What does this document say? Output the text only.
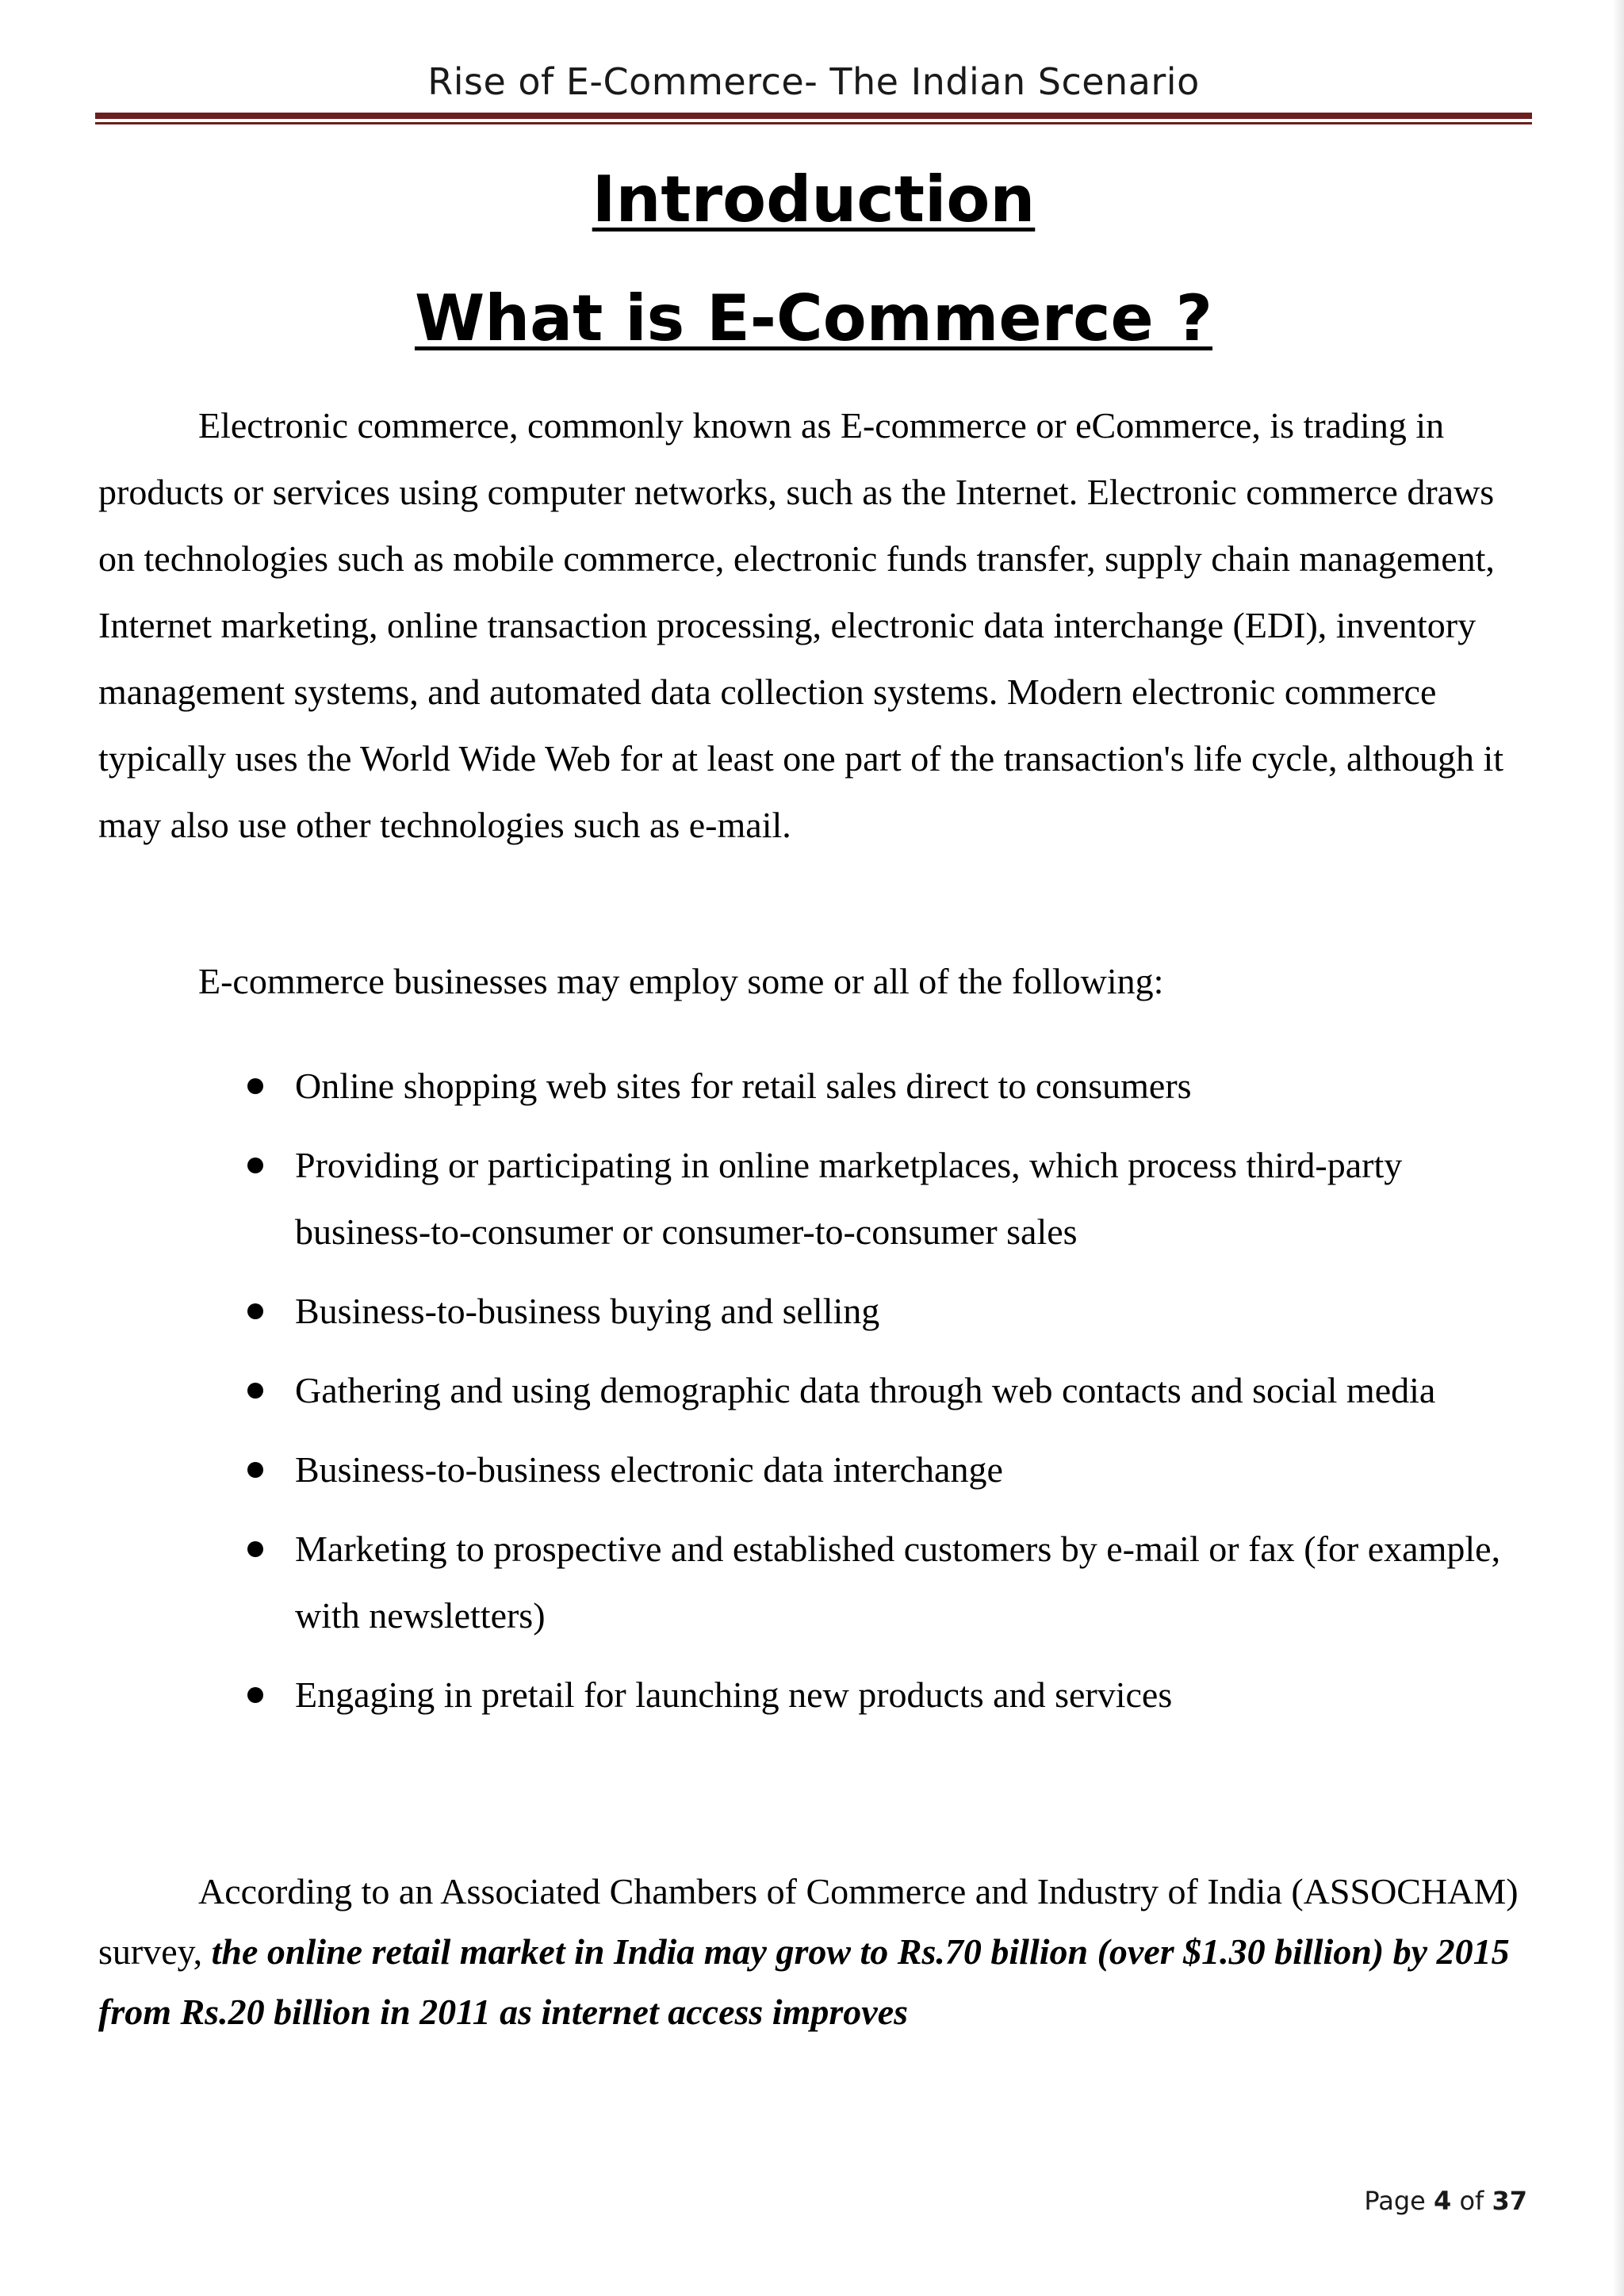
Rise of E-Commerce- The Indian Scenario
Introduction
What is E-Commerce ?

Electronic commerce, commonly known as E-commerce or eCommerce, is trading in products or services using computer networks, such as the Internet. Electronic commerce draws on technologies such as mobile commerce, electronic funds transfer, supply chain management, Internet marketing, online transaction processing, electronic data interchange (EDI), inventory management systems, and automated data collection systems. Modern electronic commerce typically uses the World Wide Web for at least one part of the transaction's life cycle, although it may also use other technologies such as e-mail.

E-commerce businesses may employ some or all of the following:

Online shopping web sites for retail sales direct to consumers
Providing or participating in online marketplaces, which process third-party business-to-consumer or consumer-to-consumer sales
Business-to-business buying and selling
Gathering and using demographic data through web contacts and social media
Business-to-business electronic data interchange
Marketing to prospective and established customers by e-mail or fax (for example, with newsletters)
Engaging in pretail for launching new products and services

According to an Associated Chambers of Commerce and Industry of India (ASSOCHAM) survey, the online retail market in India may grow to Rs.70 billion (over $1.30 billion) by 2015 from Rs.20 billion in 2011 as internet access improves

Page 4 of 37
